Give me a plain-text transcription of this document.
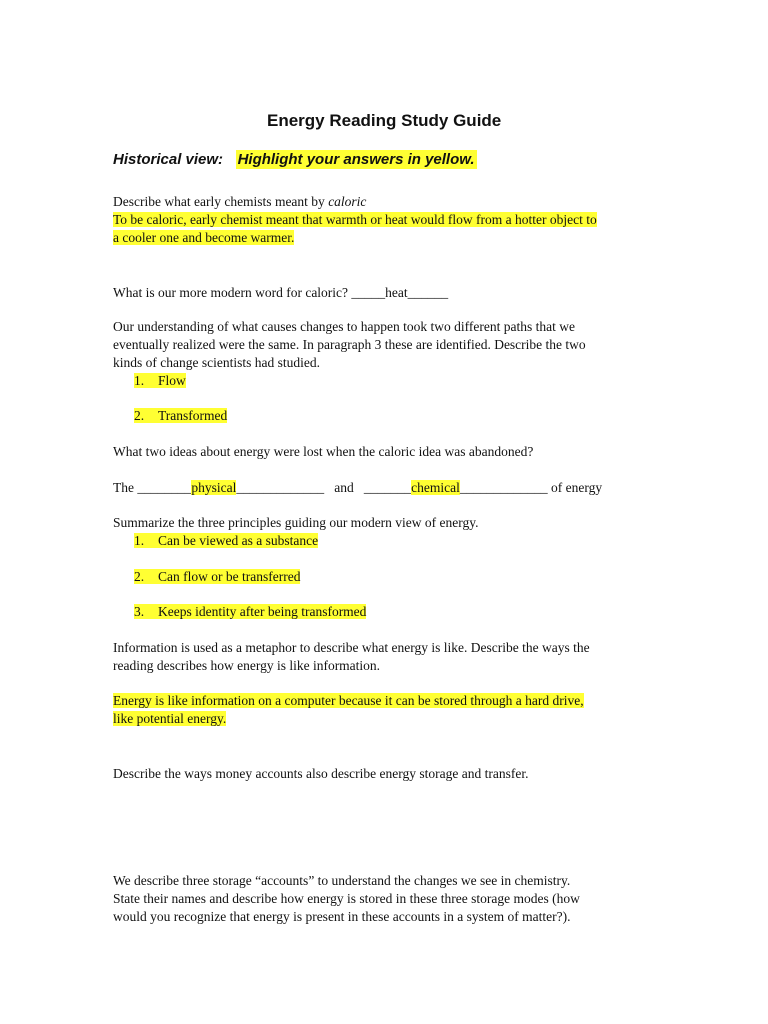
Energy Reading Study Guide
Historical view: Highlight your answers in yellow.
Describe what early chemists meant by caloric
To be caloric, early chemist meant that warmth or heat would flow from a hotter object to
a cooler one and become warmer.
What is our more modern word for caloric? _____heat______
Our understanding of what causes changes to happen took two different paths that we
eventually realized were the same. In paragraph 3 these are identified. Describe the two
kinds of change scientists had studied.
1. Flow
2. Transformed
What two ideas about energy were lost when the caloric idea was abandoned?
The ________physical_____________ and _______chemical_____________ of energy
Summarize the three principles guiding our modern view of energy.
1. Can be viewed as a substance
2. Can flow or be transferred
3. Keeps identity after being transformed
Information is used as a metaphor to describe what energy is like. Describe the ways the
reading describes how energy is like information.
Energy is like information on a computer because it can be stored through a hard drive,
like potential energy.
Describe the ways money accounts also describe energy storage and transfer.
We describe three storage “accounts” to understand the changes we see in chemistry.
State their names and describe how energy is stored in these three storage modes (how
would you recognize that energy is present in these accounts in a system of matter?).
